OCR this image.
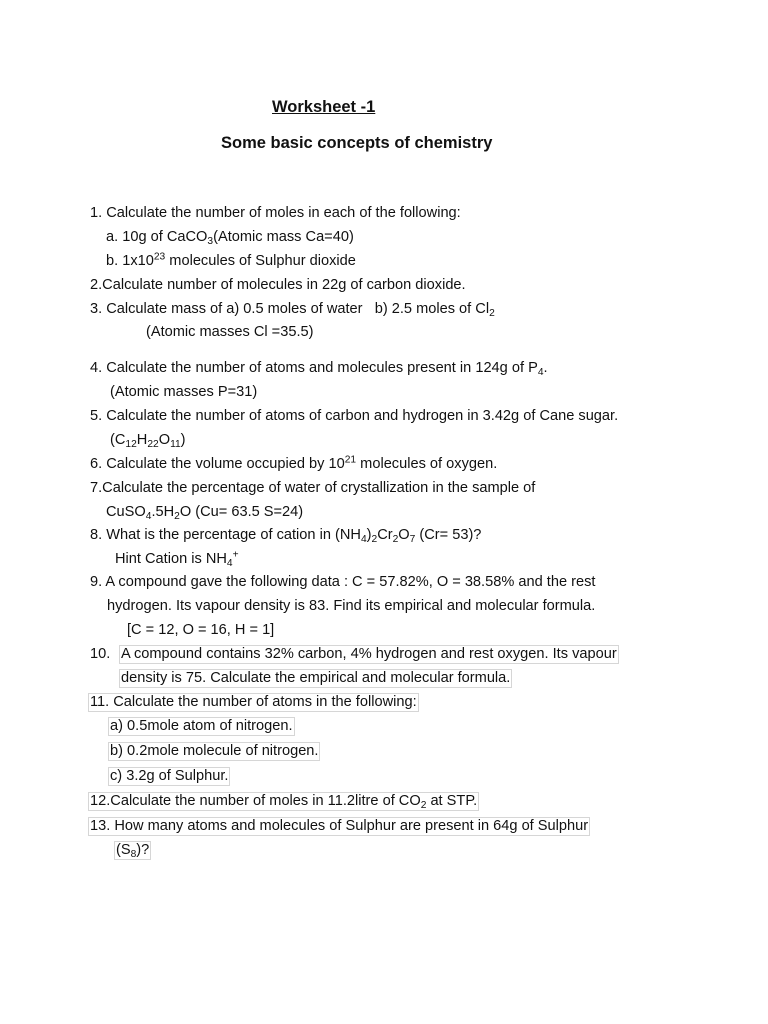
Worksheet -1
Some basic concepts of chemistry
1. Calculate the number of moles in each of the following:
a. 10g of CaCO$_3$(Atomic mass Ca=40)
b. $1x10^{23}$ molecules of Sulphur dioxide
2.Calculate number of molecules in 22g of carbon dioxide.
3. Calculate mass of a) 0.5 moles of water   b) 2.5 moles of $Cl_2$
(Atomic masses Cl =35.5)
4. Calculate the number of atoms and molecules present in 124g of $P_4$.
(Atomic masses P=31)
5. Calculate the number of atoms of carbon and hydrogen in 3.42g of Cane sugar.
$(C_{12}H_{22}O_{11})$
6. Calculate the volume occupied by $10^{21}$ molecules of oxygen.
7.Calculate the percentage of water of crystallization in the sample of
$CuSO_4.5H_2O$ (Cu= 63.5 S=24)
8. What is the percentage of cation in $(NH_4)_2Cr_2O_7$ (Cr= 53)?
Hint Cation is $NH_4^+$
9. A compound gave the following data : C = 57.82%, O = 38.58% and the rest
hydrogen. Its vapour density is 83. Find its empirical and molecular formula.
[C = 12, O = 16, H = 1]
10. A compound contains 32% carbon, 4% hydrogen and rest oxygen. Its vapour
density is 75. Calculate the empirical and molecular formula.
11. Calculate the number of atoms in the following:
a) 0.5mole atom of nitrogen.
b) 0.2mole molecule of nitrogen.
c) 3.2g of Sulphur.
12.Calculate the number of moles in 11.2litre of $CO_2$ at STP.
13. How many atoms and molecules of Sulphur are present in 64g of Sulphur
$(S_8)$?
